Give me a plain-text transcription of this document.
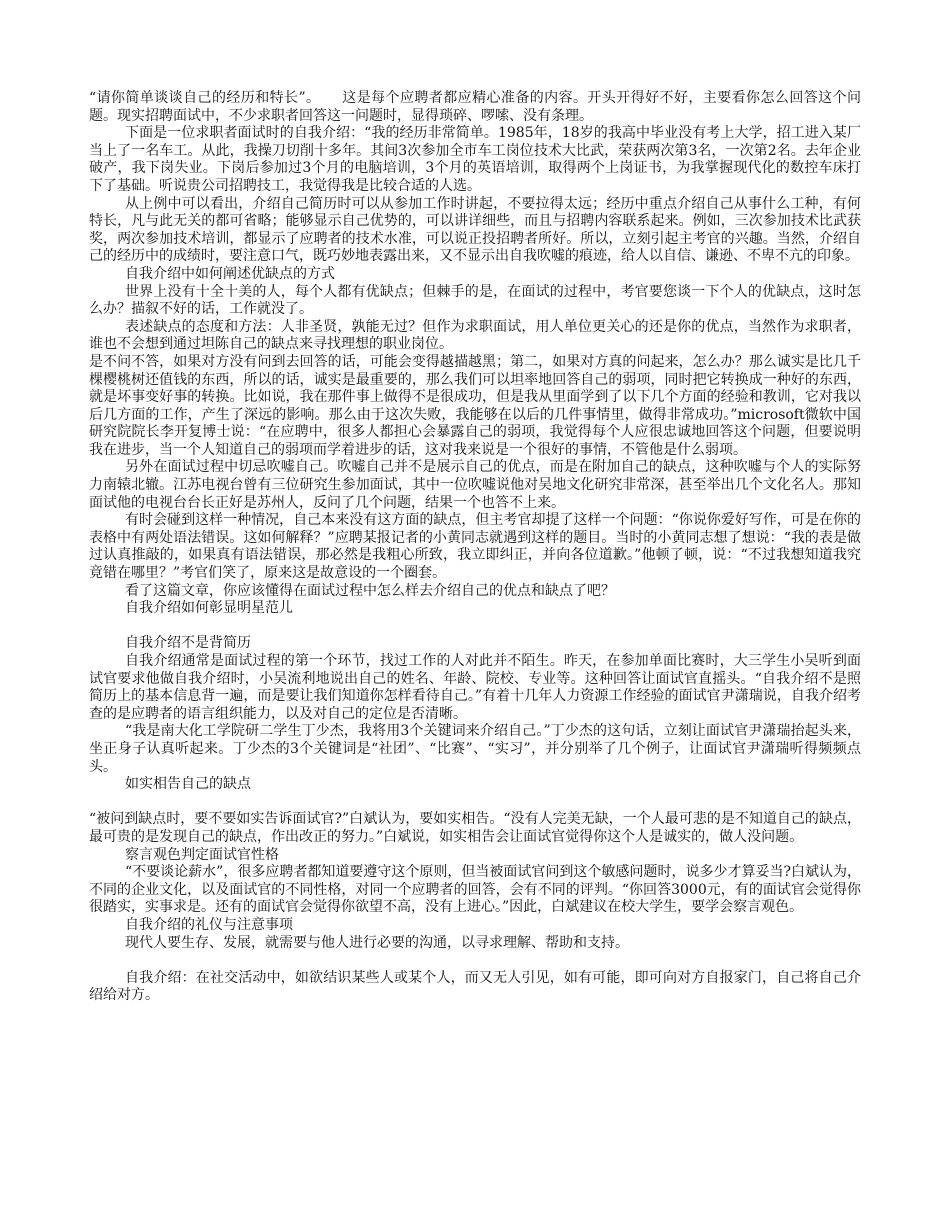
“请你简单谈谈自己的经历和特长”。　　这是每个应聘者都应精心准备的内容。开头开得好不好，主要看你怎么回答这个问题。现实招聘面试中，不少求职者回答这一问题时，显得琐碎、啰嗦、没有条理。

下面是一位求职者面试时的自我介绍：“我的经历非常简单。1985年，18岁的我高中毕业没有考上大学，招工进入某厂当上了一名车工。从此，我操刀切削十多年。其间3次参加全市车工岗位技术大比武，荣获两次第3名，一次第2名。去年企业破产，我下岗失业。下岗后参加过3个月的电脑培训，3个月的英语培训，取得两个上岗证书，为我掌握现代化的数控车床打下了基础。听说贵公司招聘技工，我觉得我是比较合适的人选。

从上例中可以看出，介绍自己简历时可以从参加工作时讲起，不要拉得太远；经历中重点介绍自己从事什么工种，有何特长，凡与此无关的都可省略；能够显示自己优势的，可以讲详细些，而且与招聘内容联系起来。例如，三次参加技术比武获奖，两次参加技术培训，都显示了应聘者的技术水准，可以说正投招聘者所好。所以，立刻引起主考官的兴趣。当然，介绍自己的经历中的成绩时，要注意口气，既巧妙地表露出来，又不显示出自我吹嘘的痕迹，给人以自信、谦逊、不卑不亢的印象。

自我介绍中如何阐述优缺点的方式

世界上没有十全十美的人，每个人都有优缺点；但棘手的是，在面试的过程中，考官要您谈一下个人的优缺点，这时怎么办？描叙不好的话，工作就没了。

表述缺点的态度和方法：人非圣贤，孰能无过？但作为求职面试，用人单位更关心的还是你的优点，当然作为求职者，谁也不会想到通过坦陈自己的缺点来寻找理想的职业岗位。

是不问不答，如果对方没有问到去回答的话，可能会变得越描越黑；第二，如果对方真的问起来，怎么办？那么诚实是比几千棵樱桃树还值钱的东西，所以的话，诚实是最重要的，那么我们可以坦率地回答自己的弱项，同时把它转换成一种好的东西，就是坏事变好事的转换。比如说，我在那件事上做得不是很成功，但是我从里面学到了以下几个方面的经验和教训，它对我以后几方面的工作，产生了深远的影响。那么由于这次失败，我能够在以后的几件事情里，做得非常成功。”microsoft微软中国研究院院长李开复博士说：“在应聘中，很多人都担心会暴露自己的弱项，我觉得每个人应很忠诚地回答这个问题，但要说明我在进步，当一个人知道自己的弱项而学着进步的话，这对我来说是一个很好的事情，不管他是什么弱项。

另外在面试过程中切忌吹嘘自己。吹嘘自己并不是展示自己的优点，而是在附加自己的缺点，这种吹嘘与个人的实际努力南辕北辙。江苏电视台曾有三位研究生参加面试，其中一位吹嘘说他对吴地文化研究非常深，甚至举出几个文化名人。那知面试他的电视台台长正好是苏州人，反问了几个问题，结果一个也答不上来。

有时会碰到这样一种情况，自己本来没有这方面的缺点，但主考官却提了这样一个问题：“你说你爱好写作，可是在你的表格中有两处语法错误。这如何解释？”应聘某报记者的小黄同志就遇到这样的题目。当时的小黄同志想了想说：“我的表是做过认真推敲的，如果真有语法错误，那必然是我粗心所致，我立即纠正，并向各位道歉。”他顿了顿，说：“不过我想知道我究竟错在哪里？”考官们笑了，原来这是故意设的一个圈套。

看了这篇文章，你应该懂得在面试过程中怎么样去介绍自己的优点和缺点了吧？

自我介绍如何彰显明星范儿

自我介绍不是背简历

自我介绍通常是面试过程的第一个环节，找过工作的人对此并不陌生。昨天，在参加单面比赛时，大三学生小吴听到面试官要求他做自我介绍时，小吴流利地说出自己的姓名、年龄、院校、专业等。这种回答让面试官直摇头。“自我介绍不是照简历上的基本信息背一遍，而是要让我们知道你怎样看待自己。”有着十几年人力资源工作经验的面试官尹潇瑞说，自我介绍考查的是应聘者的语言组织能力，以及对自己的定位是否清晰。

“我是南大化工学院研二学生丁少杰，我将用3个关键词来介绍自己。”丁少杰的这句话，立刻让面试官尹潇瑞抬起头来，坐正身子认真听起来。丁少杰的3个关键词是“社团”、“比赛”、“实习”，并分别举了几个例子，让面试官尹潇瑞听得频频点头。

如实相告自己的缺点

“被问到缺点时，要不要如实告诉面试官?”白斌认为，要如实相告。“没有人完美无缺，一个人最可悲的是不知道自己的缺点，最可贵的是发现自己的缺点，作出改正的努力。”白斌说，如实相告会让面试官觉得你这个人是诚实的，做人没问题。

察言观色判定面试官性格

“不要谈论薪水”，很多应聘者都知道要遵守这个原则，但当被面试官问到这个敏感问题时，说多少才算妥当?白斌认为，不同的企业文化，以及面试官的不同性格，对同一个应聘者的回答，会有不同的评判。“你回答3000元，有的面试官会觉得你很踏实，实事求是。还有的面试官会觉得你欲望不高，没有上进心。”因此，白斌建议在校大学生，要学会察言观色。

自我介绍的礼仪与注意事项

现代人要生存、发展，就需要与他人进行必要的沟通，以寻求理解、帮助和支持。

自我介绍：在社交活动中，如欲结识某些人或某个人，而又无人引见，如有可能，即可向对方自报家门，自己将自己介绍给对方。
